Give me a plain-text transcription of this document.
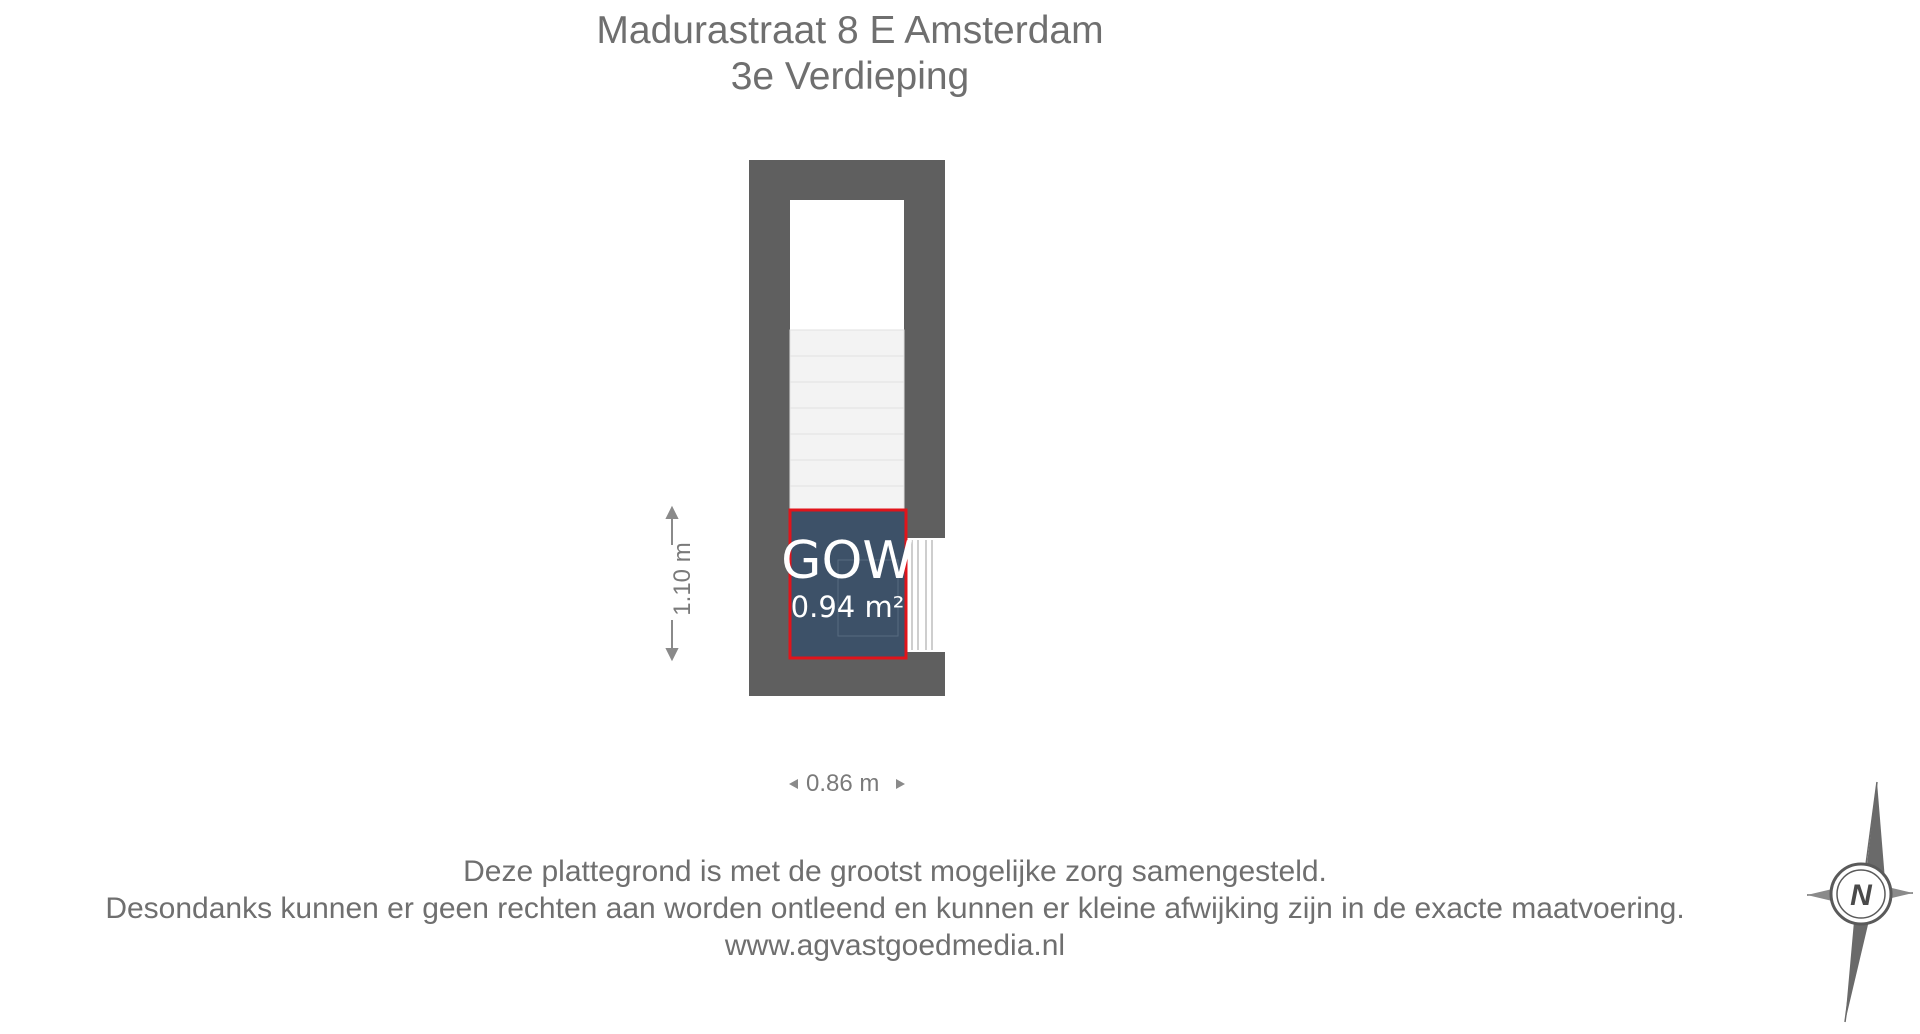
Madurastraat 8 E Amsterdam
3e Verdieping
GOW
0.94 m²
0.86 m
1.10 m
Deze plattegrond is met de grootst mogelijke zorg samengesteld.
Desondanks kunnen er geen rechten aan worden ontleend en kunnen er kleine afwijking zijn in de exacte maatvoering.
www.agvastgoedmedia.nl
N
